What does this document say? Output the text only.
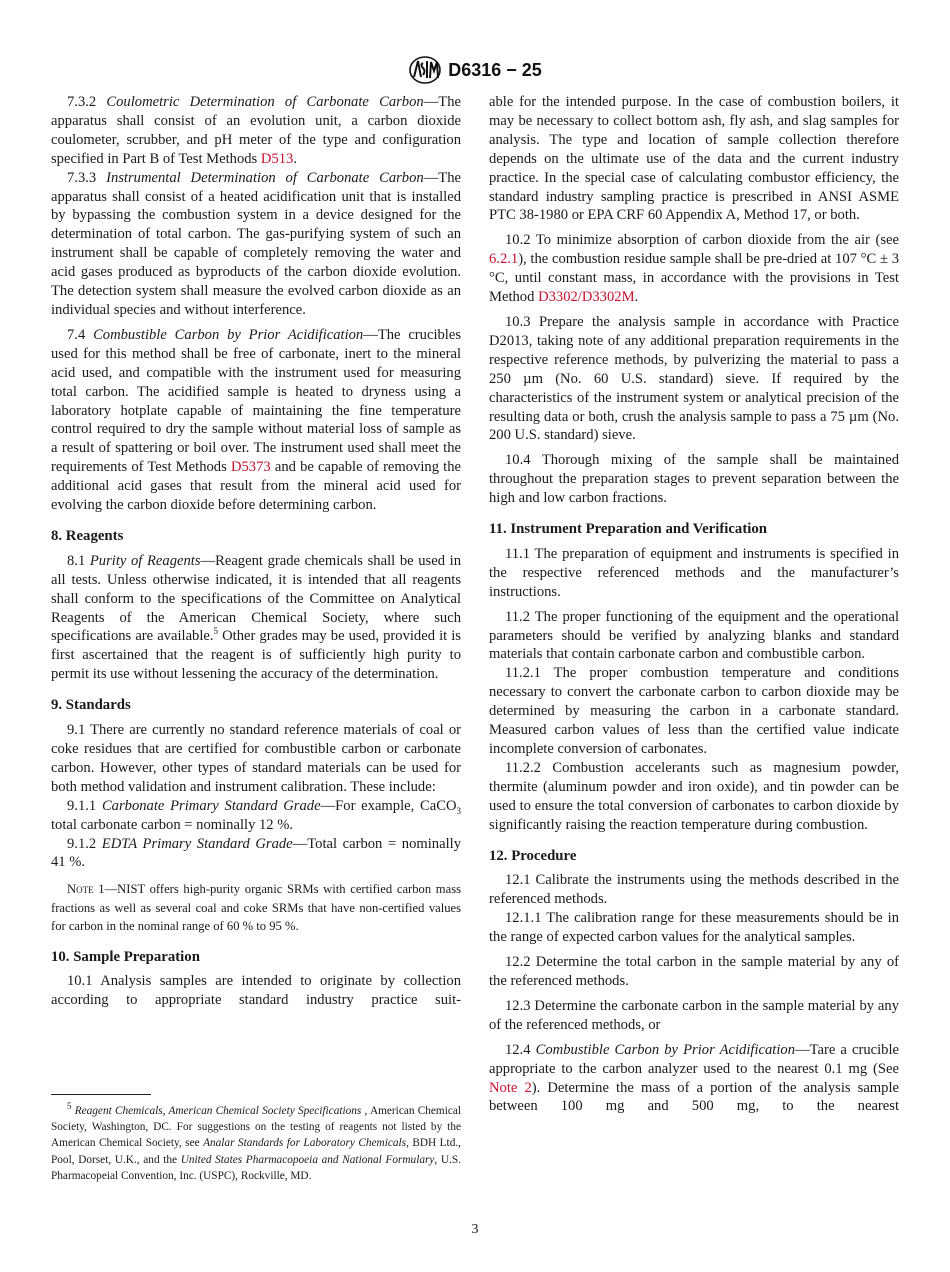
D6316 − 25
7.3.2 Coulometric Determination of Carbonate Carbon—The apparatus shall consist of an evolution unit, a carbon dioxide coulometer, scrubber, and pH meter of the type and configuration specified in Part B of Test Methods D513.
7.3.3 Instrumental Determination of Carbonate Carbon—The apparatus shall consist of a heated acidification unit that is installed by bypassing the combustion system in a device designed for the determination of total carbon. The gas-purifying system of such an instrument shall be capable of completely removing the water and acid gases produced as byproducts of the carbon dioxide evolution. The detection system shall measure the evolved carbon dioxide as an individual species and without interference.
7.4 Combustible Carbon by Prior Acidification—The crucibles used for this method shall be free of carbonate, inert to the mineral acid used, and compatible with the instrument used for measuring total carbon. The acidified sample is heated to dryness using a laboratory hotplate capable of maintaining the fine temperature control required to dry the sample without material loss of sample as a result of spattering or boil over. The instrument used shall meet the requirements of Test Methods D5373 and be capable of removing the additional acid gases that result from the mineral acid used for evolving the carbon dioxide before determining carbon.
8. Reagents
8.1 Purity of Reagents—Reagent grade chemicals shall be used in all tests. Unless otherwise indicated, it is intended that all reagents shall conform to the specifications of the Committee on Analytical Reagents of the American Chemical Society, where such specifications are available.$^5$ Other grades may be used, provided it is first ascertained that the reagent is of sufficiently high purity to permit its use without lessening the accuracy of the determination.
9. Standards
9.1 There are currently no standard reference materials of coal or coke residues that are certified for combustible carbon or carbonate carbon. However, other types of standard materials can be used for both method validation and instrument calibration. These include:
9.1.1 Carbonate Primary Standard Grade—For example, CaCO$_3$ total carbonate carbon = nominally 12 %.
9.1.2 EDTA Primary Standard Grade—Total carbon = nominally 41 %.
Note 1—NIST offers high-purity organic SRMs with certified carbon mass fractions as well as several coal and coke SRMs that have non-certified values for carbon in the nominal range of 60 % to 95 %.
10. Sample Preparation
10.1 Analysis samples are intended to originate by collection according to appropriate standard industry practice suit-
able for the intended purpose. In the case of combustion boilers, it may be necessary to collect bottom ash, fly ash, and slag samples for analysis. The type and location of sample collection therefore depends on the ultimate use of the data and the current industry practice. In the special case of calculating combustor efficiency, the standard industry sampling practice is prescribed in ANSI ASME PTC 38-1980 or EPA CRF 60 Appendix A, Method 17, or both.
10.2 To minimize absorption of carbon dioxide from the air (see 6.2.1), the combustion residue sample shall be pre-dried at 107 °C ± 3 °C, until constant mass, in accordance with the provisions in Test Method D3302/D3302M.
10.3 Prepare the analysis sample in accordance with Practice D2013, taking note of any additional preparation requirements in the respective reference methods, by pulverizing the material to pass a 250 µm (No. 60 U.S. standard) sieve. If required by the characteristics of the instrument system or analytical precision of the resulting data or both, crush the analysis sample to pass a 75 µm (No. 200 U.S. standard) sieve.
10.4 Thorough mixing of the sample shall be maintained throughout the preparation stages to prevent separation between the high and low carbon fractions.
11. Instrument Preparation and Verification
11.1 The preparation of equipment and instruments is specified in the respective referenced methods and the manufacturer’s instructions.
11.2 The proper functioning of the equipment and the operational parameters should be verified by analyzing blanks and standard materials that contain carbonate carbon and combustible carbon.
11.2.1 The proper combustion temperature and conditions necessary to convert the carbonate carbon to carbon dioxide may be determined by measuring the carbon in a carbonate standard. Measured carbon values of less than the certified value indicate incomplete conversion of carbonates.
11.2.2 Combustion accelerants such as magnesium powder, thermite (aluminum powder and iron oxide), and tin powder can be used to ensure the total conversion of carbonates to carbon dioxide by significantly raising the reaction temperature during combustion.
12. Procedure
12.1 Calibrate the instruments using the methods described in the referenced methods.
12.1.1 The calibration range for these measurements should be in the range of expected carbon values for the analytical samples.
12.2 Determine the total carbon in the sample material by any of the referenced methods.
12.3 Determine the carbonate carbon in the sample material by any of the referenced methods, or
12.4 Combustible Carbon by Prior Acidification—Tare a crucible appropriate to the carbon analyzer used to the nearest 0.1 mg (See Note 2). Determine the mass of a portion of the analysis sample between 100 mg and 500 mg, to the nearest
$^5$ Reagent Chemicals, American Chemical Society Specifications , American Chemical Society, Washington, DC. For suggestions on the testing of reagents not listed by the American Chemical Society, see Analar Standards for Laboratory Chemicals, BDH Ltd., Pool, Dorset, U.K., and the United States Pharmacopoeia and National Formulary, U.S. Pharmacopeial Convention, Inc. (USPC), Rockville, MD.
3
